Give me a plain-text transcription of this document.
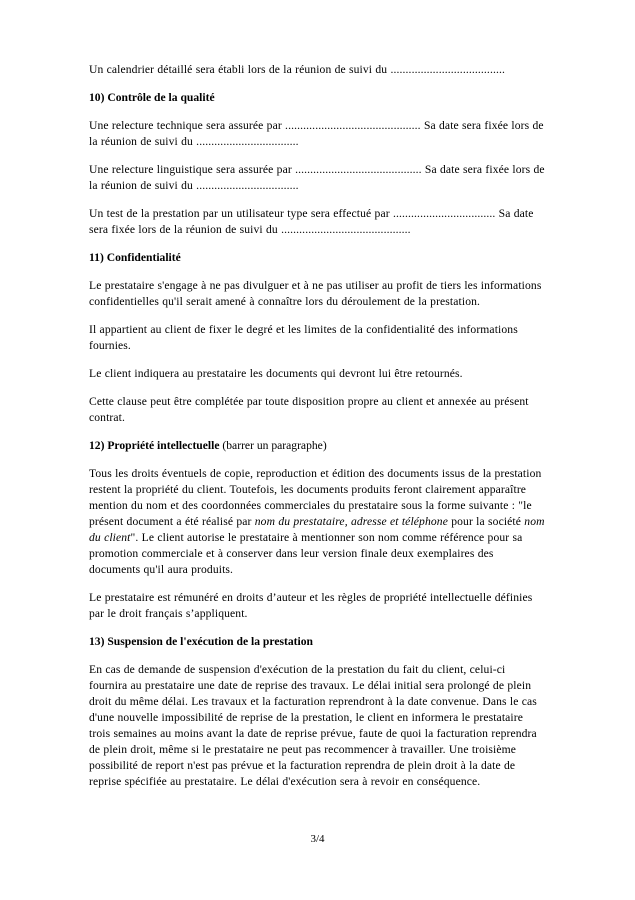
Un calendrier détaillé sera établi lors de la réunion de suivi du ......................................

10) Contrôle de la qualité

Une relecture technique sera assurée par ............................................. Sa date sera fixée lors de la réunion de suivi du ..................................

Une relecture linguistique sera assurée par .......................................... Sa date sera fixée lors de la réunion de suivi du ..................................

Un test de la prestation par un utilisateur type sera effectué par .................................. Sa date sera fixée lors de la réunion de suivi du ...........................................

11) Confidentialité

Le prestataire s'engage à ne pas divulguer et à ne pas utiliser au profit de tiers les informations confidentielles qu'il serait amené à connaître lors du déroulement de la prestation.

Il appartient au client de fixer le degré et les limites de la confidentialité des informations fournies.

Le client indiquera au prestataire les documents qui devront lui être retournés.

Cette clause peut être complétée par toute disposition propre au client et annexée au présent contrat.

12) Propriété intellectuelle (barrer un paragraphe)

Tous les droits éventuels de copie, reproduction et édition des documents issus de la prestation restent la propriété du client. Toutefois, les documents produits feront clairement apparaître mention du nom et des coordonnées commerciales du prestataire sous la forme suivante : "le présent document a été réalisé par nom du prestataire, adresse et téléphone pour la société nom du client". Le client autorise le prestataire à mentionner son nom comme référence pour sa promotion commerciale et à conserver dans leur version finale deux exemplaires des documents qu'il aura produits.

Le prestataire est rémunéré en droits d’auteur et les règles de propriété intellectuelle définies par le droit français s’appliquent.

13) Suspension de l'exécution de la prestation

En cas de demande de suspension d'exécution de la prestation du fait du client, celui-ci fournira au prestataire une date de reprise des travaux. Le délai initial sera prolongé de plein droit du même délai. Les travaux et la facturation reprendront à la date convenue. Dans le cas d'une nouvelle impossibilité de reprise de la prestation, le client en informera le prestataire trois semaines au moins avant la date de reprise prévue, faute de quoi la facturation reprendra de plein droit, même si le prestataire ne peut pas recommencer à travailler. Une troisième possibilité de report n'est pas prévue et la facturation reprendra de plein droit à la date de reprise spécifiée au prestataire. Le délai d'exécution sera à revoir en conséquence.

3/4
